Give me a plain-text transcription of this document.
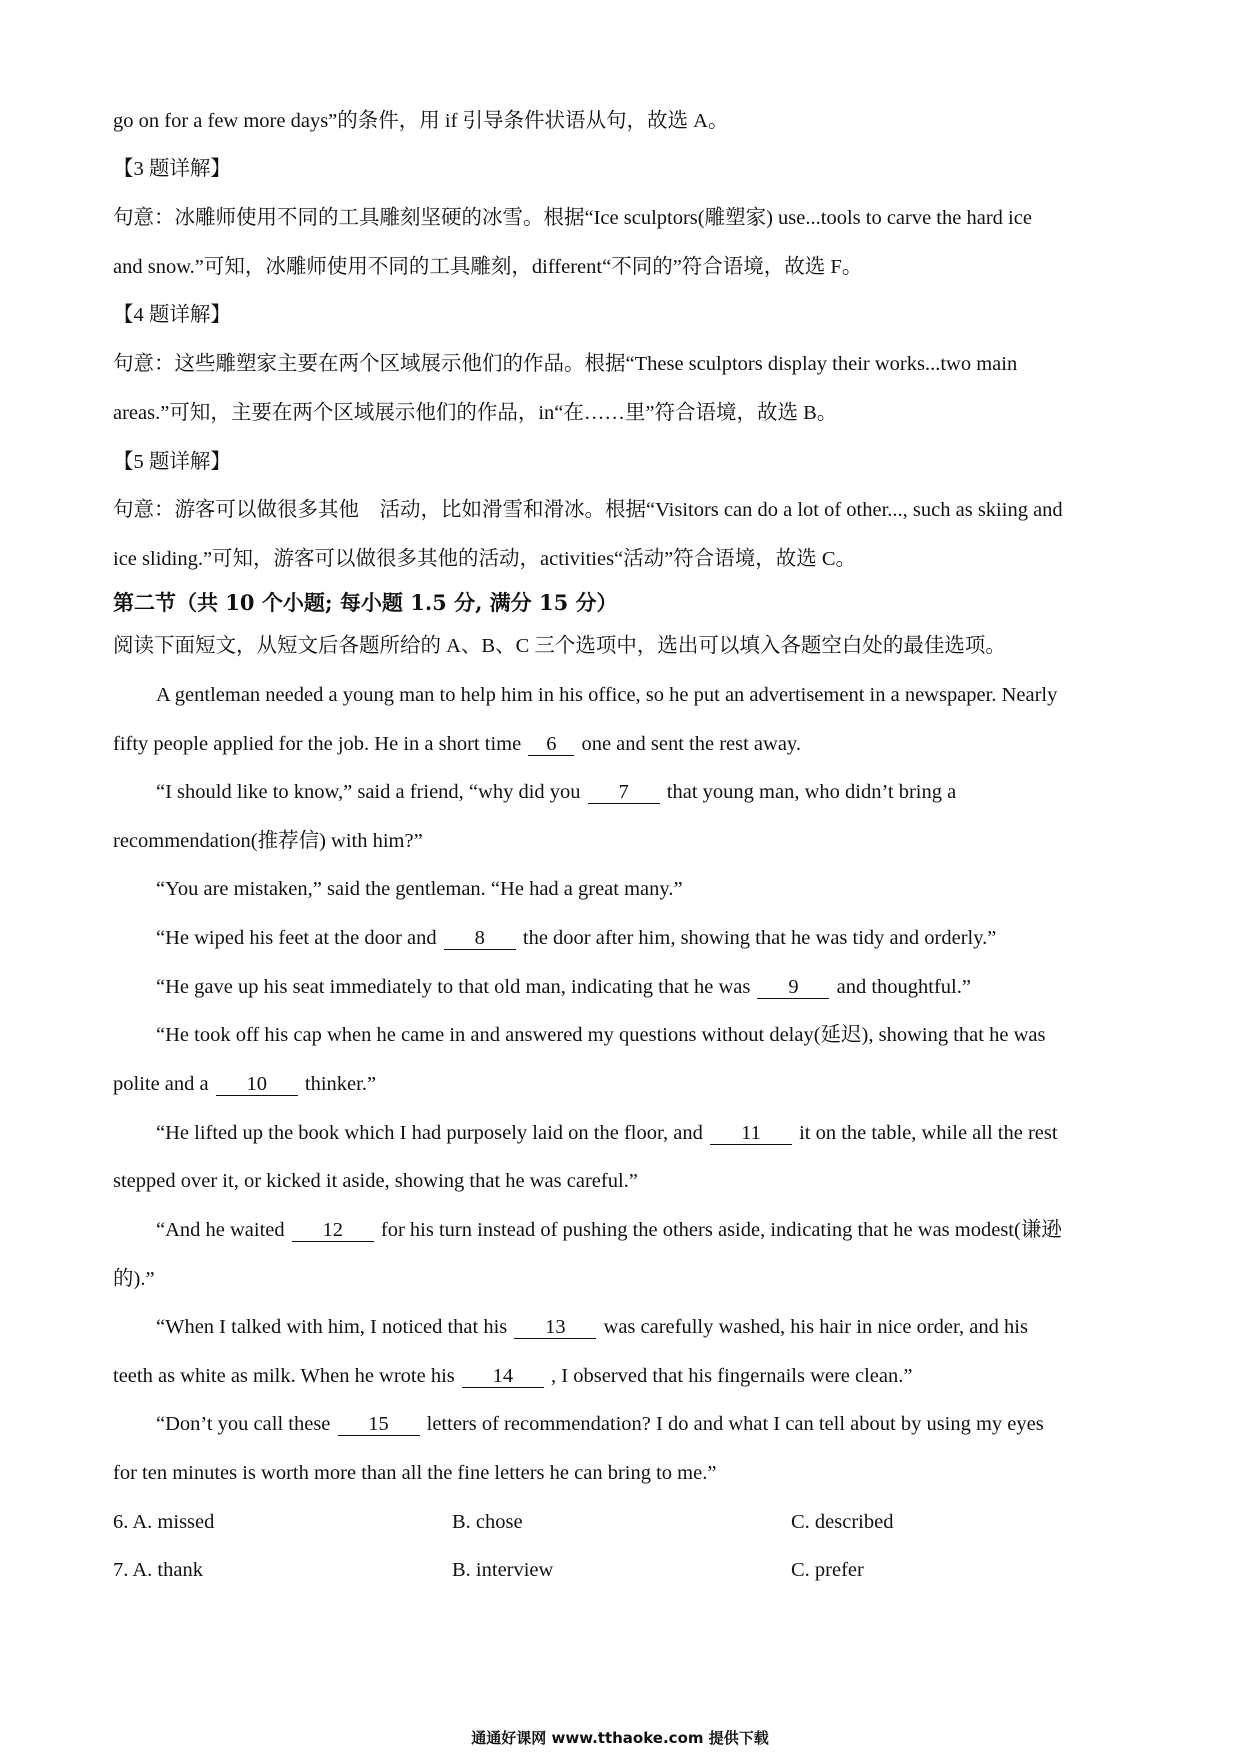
go on for a few more days”的条件，用 if 引导条件状语从句，故选 A。
【3 题详解】
句意：冰雕师使用不同的工具雕刻坚硬的冰雪。根据“Ice sculptors(雕塑家) use...tools to carve the hard ice
and snow.”可知，冰雕师使用不同的工具雕刻，different“不同的”符合语境，故选 F。
【4 题详解】
句意：这些雕塑家主要在两个区域展示他们的作品。根据“These sculptors display their works...two main
areas.”可知，主要在两个区域展示他们的作品，in“在……里”符合语境，故选 B。
【5 题详解】
句意：游客可以做很多其他　活动，比如滑雪和滑冰。根据“Visitors can do a lot of other..., such as skiing and
ice sliding.”可知，游客可以做很多其他的活动，activities“活动”符合语境，故选 C。
第二节（共 10 个小题; 每小题 1.5 分, 满分 15 分）
阅读下面短文，从短文后各题所给的 A、B、C 三个选项中，选出可以填入各题空白处的最佳选项。
A gentleman needed a young man to help him in his office, so he put an advertisement in a newspaper. Nearly
fifty people applied for the job. He in a short time 6 one and sent the rest away.
“I should like to know,” said a friend, “why did you 7 that young man, who didn’t bring a
recommendation(推荐信) with him?”
“You are mistaken,” said the gentleman. “He had a great many.”
“He wiped his feet at the door and 8 the door after him, showing that he was tidy and orderly.”
“He gave up his seat immediately to that old man, indicating that he was 9 and thoughtful.”
“He took off his cap when he came in and answered my questions without delay(延迟), showing that he was
polite and a 10 thinker.”
“He lifted up the book which I had purposely laid on the floor, and 11 it on the table, while all the rest
stepped over it, or kicked it aside, showing that he was careful.”
“And he waited 12 for his turn instead of pushing the others aside, indicating that he was modest(谦逊
的).”
“When I talked with him, I noticed that his 13 was carefully washed, his hair in nice order, and his
teeth as white as milk. When he wrote his 14 , I observed that his fingernails were clean.”
“Don’t you call these 15 letters of recommendation? I do and what I can tell about by using my eyes
for ten minutes is worth more than all the fine letters he can bring to me.”
6. A. missed	B. chose	C. described
7. A. thank	B. interview	C. prefer
通通好课网 www.tthaoke.com 提供下载
